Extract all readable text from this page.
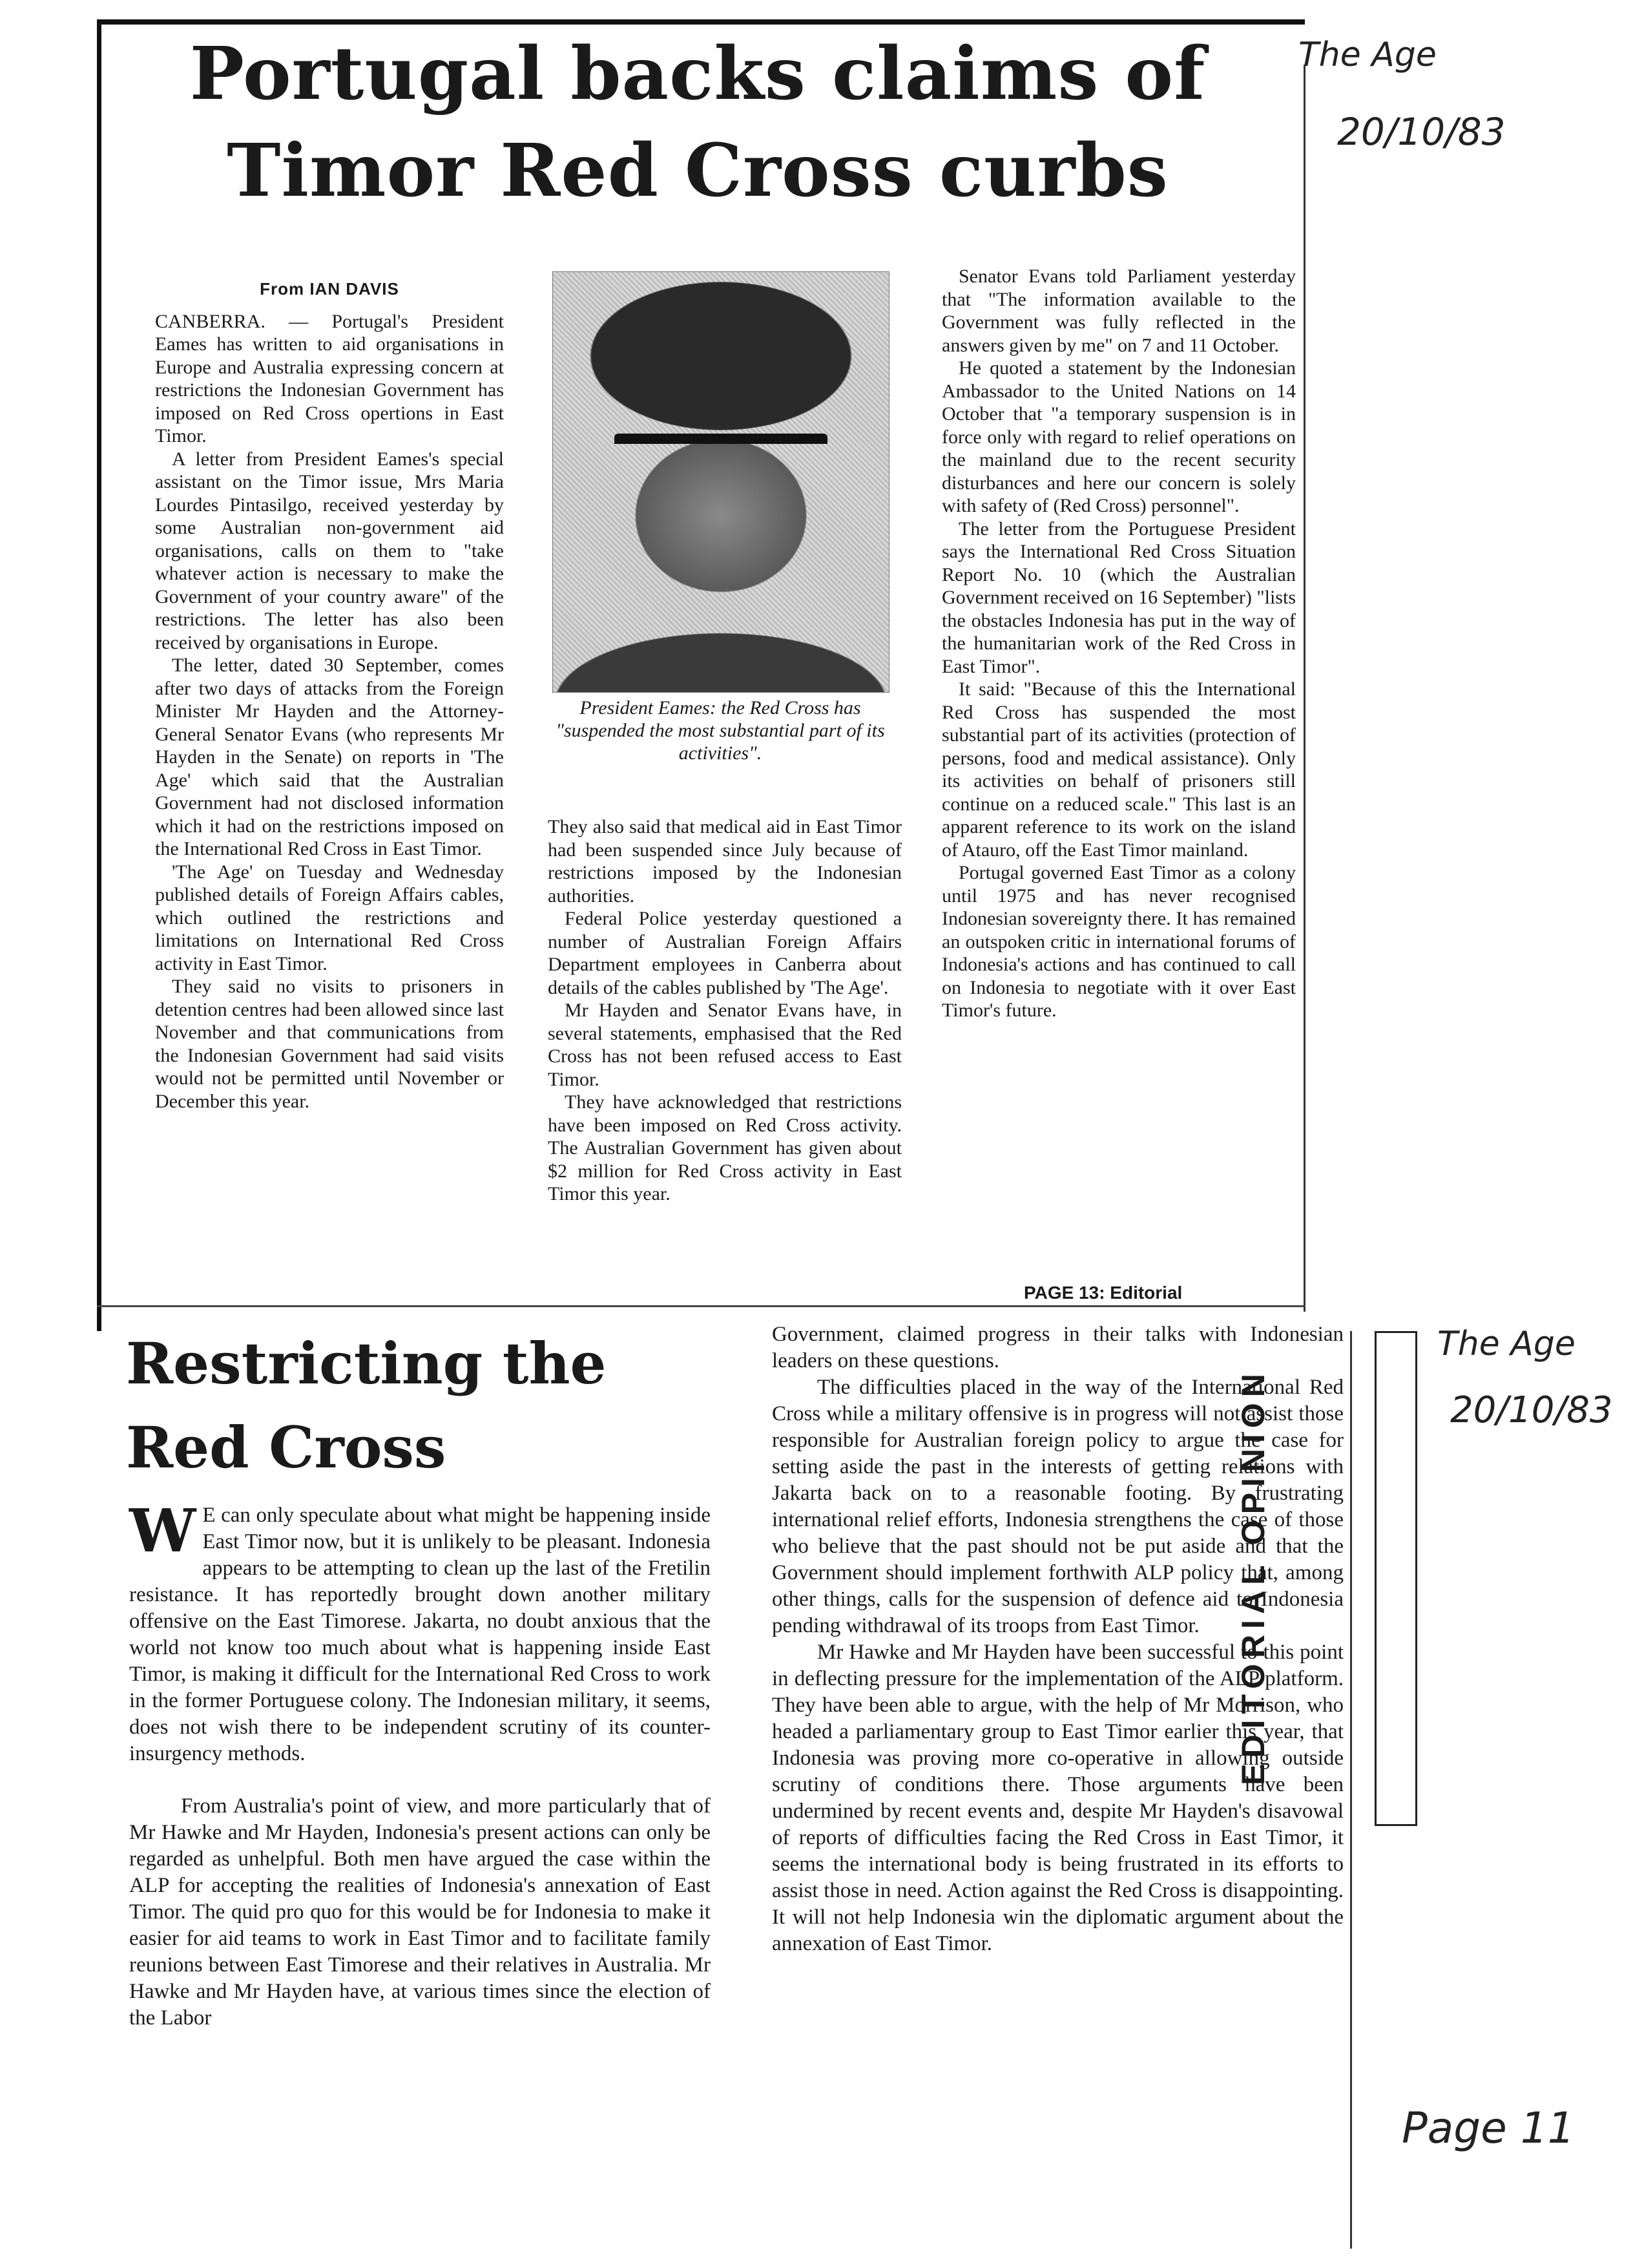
Portugal backs claims of
Timor Red Cross curbs
The Age
20/10/83
From IAN DAVIS

CANBERRA. — Portugal's President Eames has written to aid organisations in Europe and Australia expressing concern at restrictions the Indonesian Government has imposed on Red Cross opertions in East Timor.

A letter from President Eames's special assistant on the Timor issue, Mrs Maria Lourdes Pintasilgo, received yesterday by some Australian non-government aid organisations, calls on them to "take whatever action is necessary to make the Government of your country aware" of the restrictions. The letter has also been received by organisations in Europe.

The letter, dated 30 September, comes after two days of attacks from the Foreign Minister Mr Hayden and the Attorney-General Senator Evans (who represents Mr Hayden in the Senate) on reports in 'The Age' which said that the Australian Government had not disclosed information which it had on the restrictions imposed on the International Red Cross in East Timor.

'The Age' on Tuesday and Wednesday published details of Foreign Affairs cables, which outlined the restrictions and limitations on International Red Cross activity in East Timor.

They said no visits to prisoners in detention centres had been allowed since last November and that communications from the Indonesian Government had said visits would not be permitted until November or December this year.

President Eames: the Red Cross has "suspended the most substantial part of its activities".

They also said that medical aid in East Timor had been suspended since July because of restrictions imposed by the Indonesian authorities.

Federal Police yesterday questioned a number of Australian Foreign Affairs Department employees in Canberra about details of the cables published by 'The Age'.

Mr Hayden and Senator Evans have, in several statements, emphasised that the Red Cross has not been refused access to East Timor.

They have acknowledged that restrictions have been imposed on Red Cross activity. The Australian Government has given about $2 million for Red Cross activity in East Timor this year.

Senator Evans told Parliament yesterday that "The information available to the Government was fully reflected in the answers given by me" on 7 and 11 October.

He quoted a statement by the Indonesian Ambassador to the United Nations on 14 October that "a temporary suspension is in force only with regard to relief operations on the mainland due to the recent security disturbances and here our concern is solely with safety of (Red Cross) personnel".

The letter from the Portuguese President says the International Red Cross Situation Report No. 10 (which the Australian Government received on 16 September) "lists the obstacles Indonesia has put in the way of the humanitarian work of the Red Cross in East Timor".

It said: "Because of this the International Red Cross has suspended the most substantial part of its activities (protection of persons, food and medical assistance). Only its activities on behalf of prisoners still continue on a reduced scale." This last is an apparent reference to its work on the island of Atauro, off the East Timor mainland.

Portugal governed East Timor as a colony until 1975 and has never recognised Indonesian sovereignty there. It has remained an outspoken critic in international forums of Indonesia's actions and has continued to call on Indonesia to negotiate with it over East Timor's future.

PAGE 13: Editorial
Restricting the
Red Cross

W E can only speculate about what might be happening inside East Timor now, but it is unlikely to be pleasant. Indonesia appears to be attempting to clean up the last of the Fretilin resistance. It has reportedly brought down another military offensive on the East Timorese. Jakarta, no doubt anxious that the world not know too much about what is happening inside East Timor, is making it difficult for the International Red Cross to work in the former Portuguese colony. The Indonesian military, it seems, does not wish there to be independent scrutiny of its counter-insurgency methods.

From Australia's point of view, and more particularly that of Mr Hawke and Mr Hayden, Indonesia's present actions can only be regarded as unhelpful. Both men have argued the case within the ALP for accepting the realities of Indonesia's annexation of East Timor. The quid pro quo for this would be for Indonesia to make it easier for aid teams to work in East Timor and to facilitate family reunions between East Timorese and their relatives in Australia. Mr Hawke and Mr Hayden have, at various times since the election of the Labor

Government, claimed progress in their talks with Indonesian leaders on these questions.

The difficulties placed in the way of the International Red Cross while a military offensive is in progress will not assist those responsible for Australian foreign policy to argue the case for setting aside the past in the interests of getting relations with Jakarta back on to a reasonable footing. By frustrating international relief efforts, Indonesia strengthens the case of those who believe that the past should not be put aside and that the Government should implement forthwith ALP policy that, among other things, calls for the suspension of defence aid to Indonesia pending withdrawal of its troops from East Timor.

Mr Hawke and Mr Hayden have been successful to this point in deflecting pressure for the implementation of the ALP platform. They have been able to argue, with the help of Mr Morrison, who headed a parliamentary group to East Timor earlier this year, that Indonesia was proving more co-operative in allowing outside scrutiny of conditions there. Those arguments have been undermined by recent events and, despite Mr Hayden's disavowal of reports of difficulties facing the Red Cross in East Timor, it seems the international body is being frustrated in its efforts to assist those in need. Action against the Red Cross is disappointing. It will not help Indonesia win the diplomatic argument about the annexation of East Timor.

EDITORIAL OPINION
The Age
20/10/83
Page 11
